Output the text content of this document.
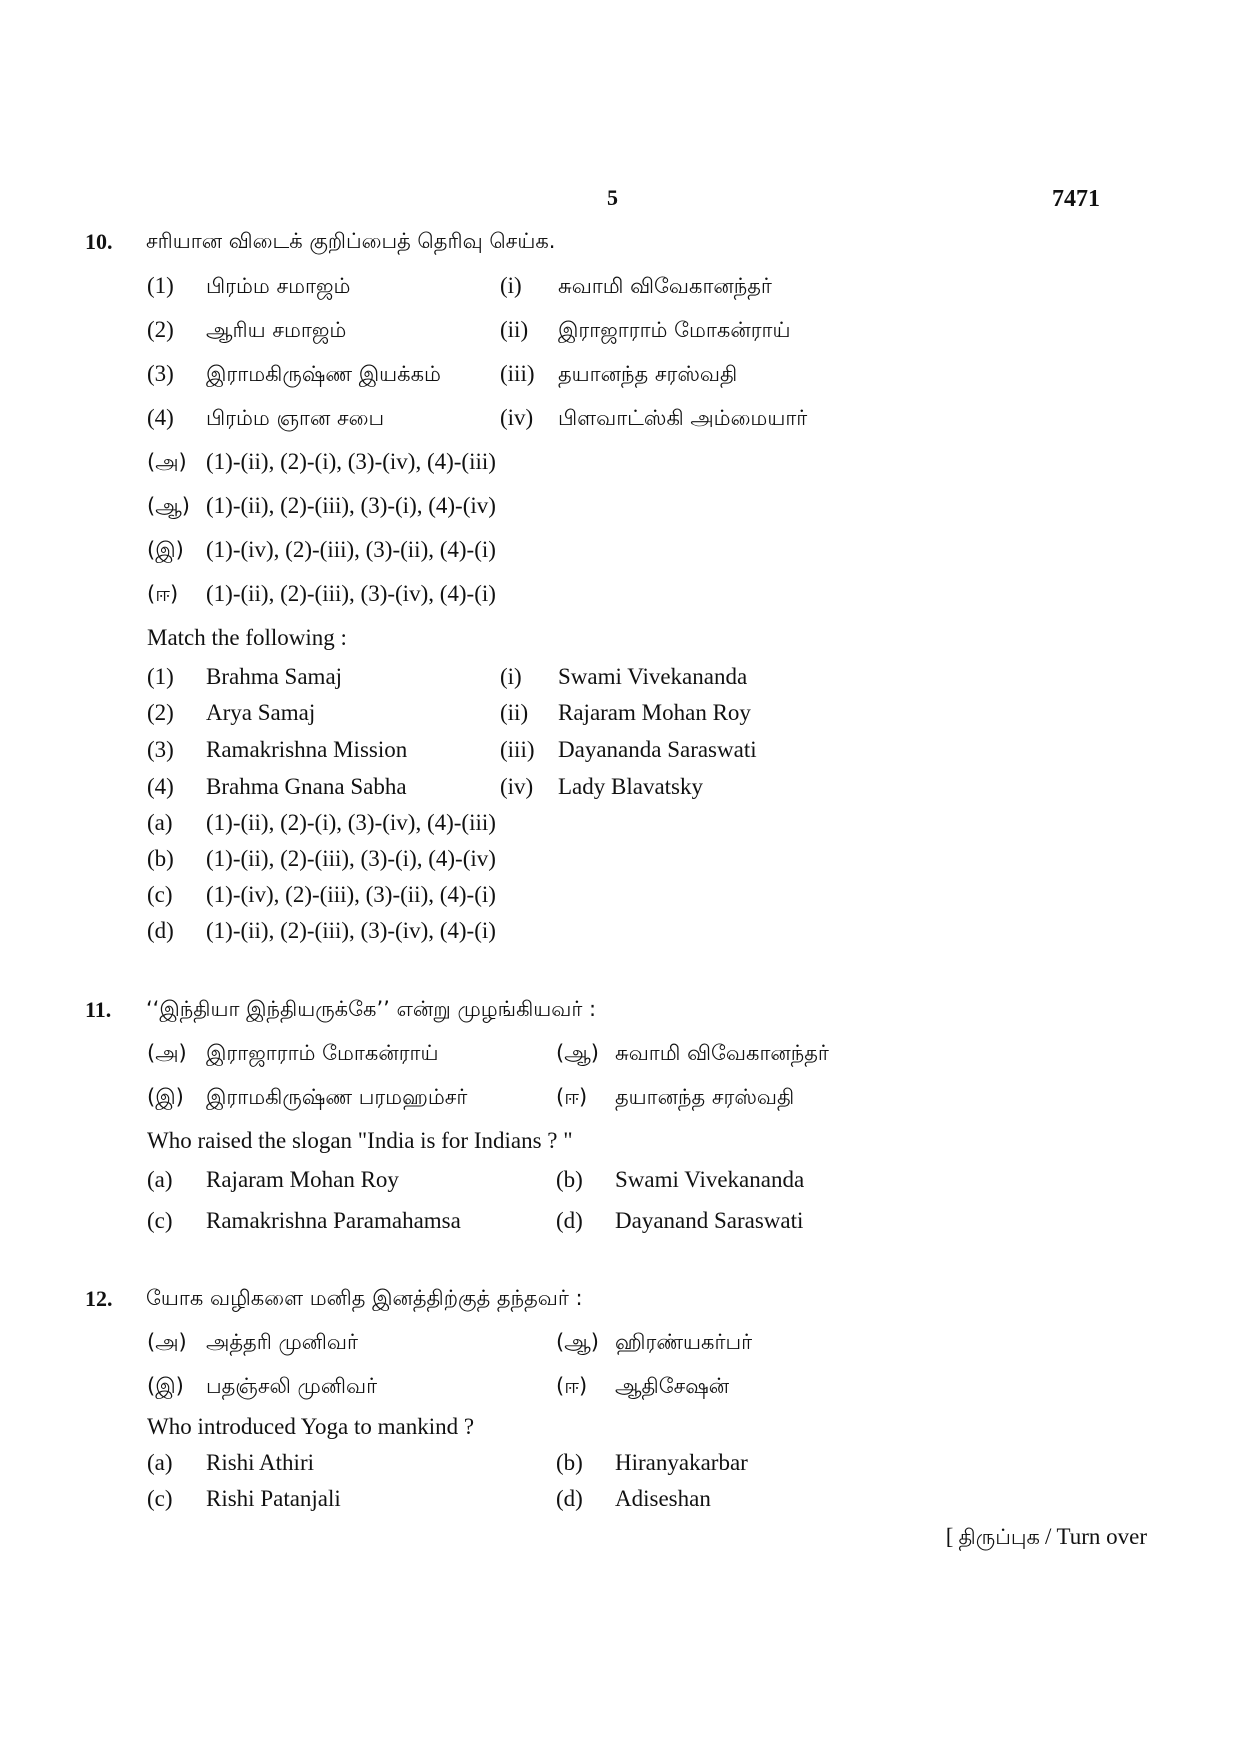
5	7471
10. சரியான விடைக் குறிப்பைத் தெரிவு செய்க.
(1) பிரம்ம சமாஜம்	(i) சுவாமி விவேகானந்தர்
(2) ஆரிய சமாஜம்	(ii) இராஜாராம் மோகன்ராய்
(3) இராமகிருஷ்ண இயக்கம்	(iii) தயானந்த சரஸ்வதி
(4) பிரம்ம ஞான சபை	(iv) பிளவாட்ஸ்கி அம்மையார்
(அ) (1)-(ii), (2)-(i), (3)-(iv), (4)-(iii)
(ஆ) (1)-(ii), (2)-(iii), (3)-(i), (4)-(iv)
(இ) (1)-(iv), (2)-(iii), (3)-(ii), (4)-(i)
(ஈ) (1)-(ii), (2)-(iii), (3)-(iv), (4)-(i)
Match the following :
(1) Brahma Samaj	(i) Swami Vivekananda
(2) Arya Samaj	(ii) Rajaram Mohan Roy
(3) Ramakrishna Mission	(iii) Dayananda Saraswati
(4) Brahma Gnana Sabha	(iv) Lady Blavatsky
(a) (1)-(ii), (2)-(i), (3)-(iv), (4)-(iii)
(b) (1)-(ii), (2)-(iii), (3)-(i), (4)-(iv)
(c) (1)-(iv), (2)-(iii), (3)-(ii), (4)-(i)
(d) (1)-(ii), (2)-(iii), (3)-(iv), (4)-(i)
11. ‘‘இந்தியா இந்தியருக்கே’’ என்று முழங்கியவர் :
(அ) இராஜாராம் மோகன்ராய்	(ஆ) சுவாமி விவேகானந்தர்
(இ) இராமகிருஷ்ண பரமஹம்சர்	(ஈ) தயானந்த சரஸ்வதி
Who raised the slogan "India is for Indians ? "
(a) Rajaram Mohan Roy	(b) Swami Vivekananda
(c) Ramakrishna Paramahamsa	(d) Dayanand Saraswati
12. யோக வழிகளை மனித இனத்திற்குத் தந்தவர் :
(அ) அத்தரி முனிவர்	(ஆ) ஹிரண்யகர்பர்
(இ) பதஞ்சலி முனிவர்	(ஈ) ஆதிசேஷன்
Who introduced Yoga to mankind ?
(a) Rishi Athiri	(b) Hiranyakarbar
(c) Rishi Patanjali	(d) Adiseshan
[ திருப்புக / Turn over
